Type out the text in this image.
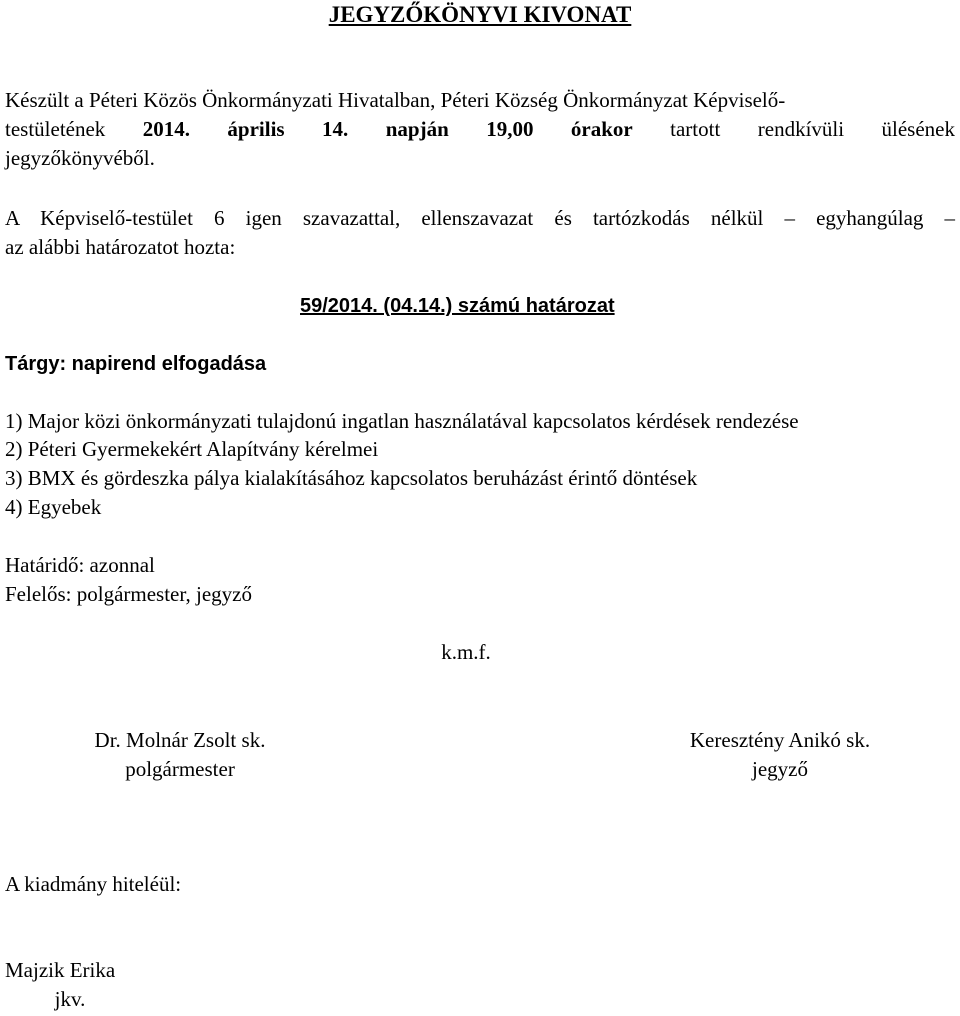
JEGYZŐKÖNYVI KIVONAT
Készült a Péteri Közös Önkormányzati Hivatalban, Péteri Község Önkormányzat Képviselő-
testületének 2014. április 14. napján 19,00 órakor tartott rendkívüli ülésének
jegyzőkönyvéből.
A Képviselő-testület 6 igen szavazattal, ellenszavazat és tartózkodás nélkül – egyhangúlag –
az alábbi határozatot hozta:
59/2014. (04.14.) számú határozat
Tárgy: napirend elfogadása
1) Major közi önkormányzati tulajdonú ingatlan használatával kapcsolatos kérdések rendezése
2) Péteri Gyermekekért Alapítvány kérelmei
3) BMX és gördeszka pálya kialakításához kapcsolatos beruházást érintő döntések
4) Egyebek
Határidő: azonnal
Felelős: polgármester, jegyző
k.m.f.
Dr. Molnár Zsolt sk.
polgármester
Keresztény Anikó sk.
jegyző
A kiadmány hiteléül:
Majzik Erika
jkv.
